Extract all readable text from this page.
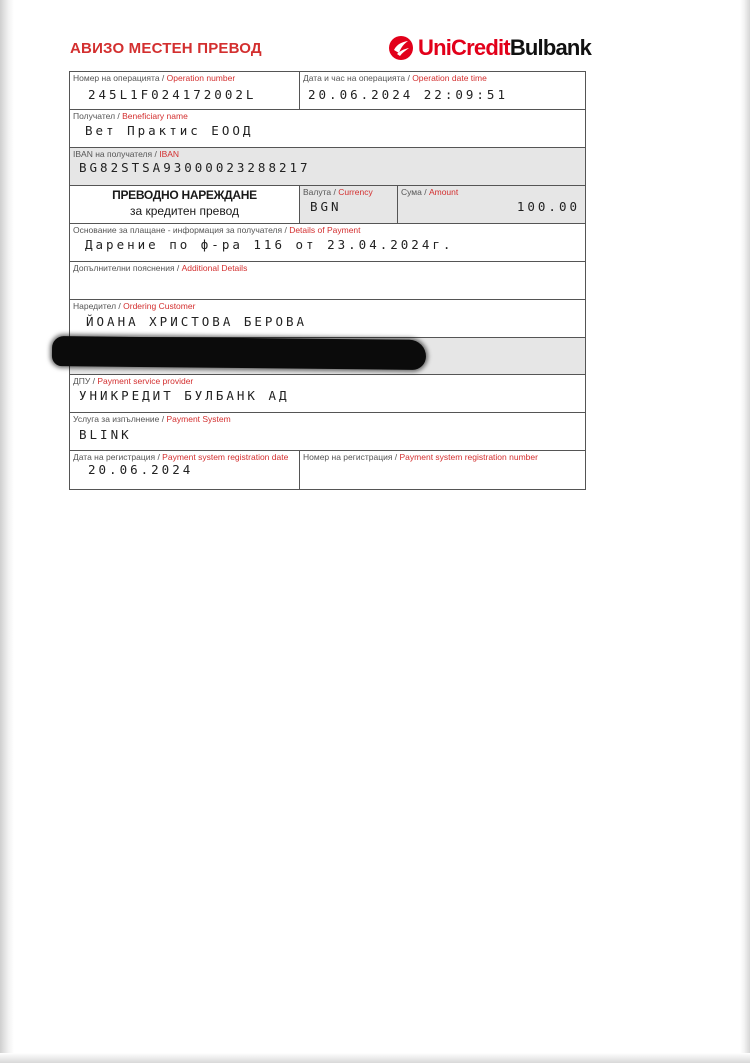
АВИЗО МЕСТЕН ПРЕВОД	UniCreditBulbank
Номер на операцията / Operation number
245L1F024172002L
Дата и час на операцията / Operation date time
20.06.2024 22:09:51
Получател / Beneficiary name
Вет Практис ЕООД
IBAN на получателя / IBAN
BG82STSA93000023288217
ПРЕВОДНО НАРЕЖДАНЕ
за кредитен превод
Валута / Currency
BGN
Сума / Amount
100.00
Основание за плащане - информация за получателя / Details of Payment
Дарение по ф-ра 116 от 23.04.2024г.
Допълнителни пояснения / Additional Details
Наредител / Ordering Customer
ЙОАНА ХРИСТОВА БЕРОВА
ДПУ / Payment service provider
УНИКРЕДИТ БУЛБАНК АД
Услуга за изпълнение / Payment System
BLINK
Дата на регистрация / Payment system registration date
20.06.2024
Номер на регистрация / Payment system registration number
